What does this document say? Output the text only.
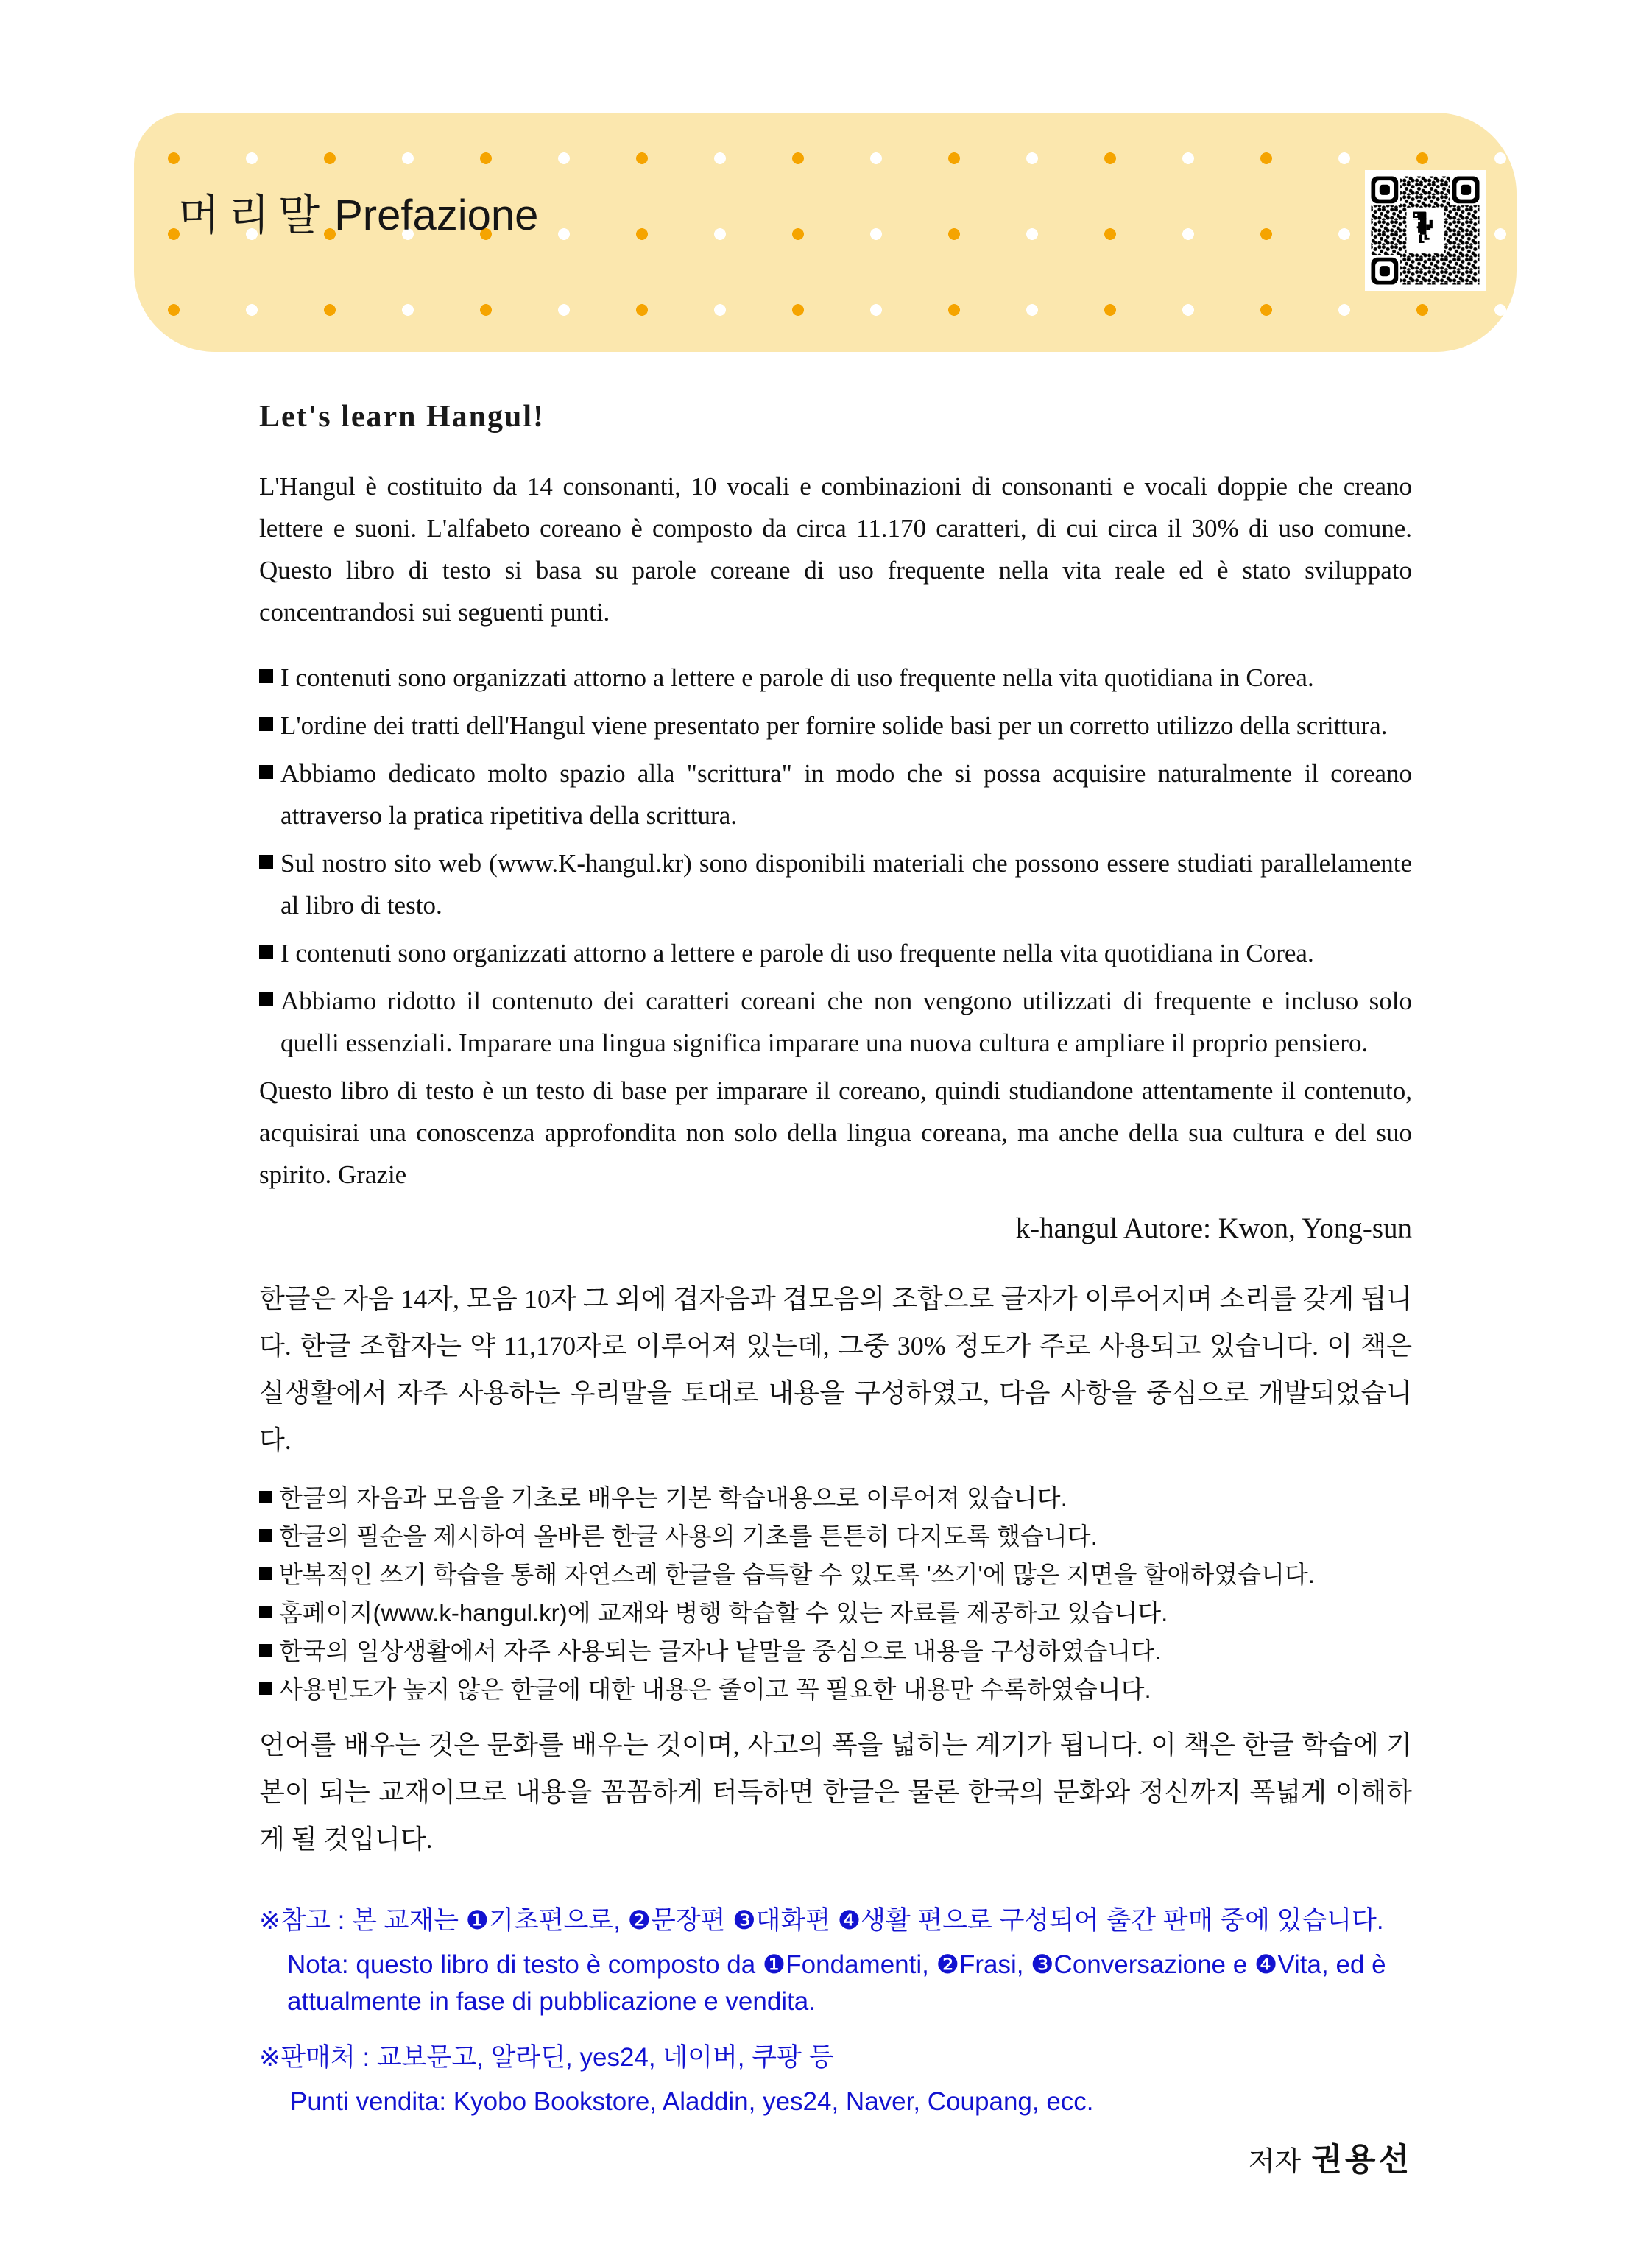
머리말 Prefazione
Let's learn Hangul!

L'Hangul è costituito da 14 consonanti, 10 vocali e combinazioni di consonanti e vocali doppie che creano lettere e suoni. L'alfabeto coreano è composto da circa 11.170 caratteri, di cui circa il 30% di uso comune. Questo libro di testo si basa su parole coreane di uso frequente nella vita reale ed è stato sviluppato concentrandosi sui seguenti punti.

I contenuti sono organizzati attorno a lettere e parole di uso frequente nella vita quotidiana in Corea.
L'ordine dei tratti dell'Hangul viene presentato per fornire solide basi per un corretto utilizzo della scrittura.
Abbiamo dedicato molto spazio alla "scrittura" in modo che si possa acquisire naturalmente il coreano attraverso la pratica ripetitiva della scrittura.
Sul nostro sito web (www.K-hangul.kr) sono disponibili materiali che possono essere studiati parallelamente al libro di testo.
I contenuti sono organizzati attorno a lettere e parole di uso frequente nella vita quotidiana in Corea.
Abbiamo ridotto il contenuto dei caratteri coreani che non vengono utilizzati di frequente e incluso solo quelli essenziali. Imparare una lingua significa imparare una nuova cultura e ampliare il proprio pensiero.

Questo libro di testo è un testo di base per imparare il coreano, quindi studiandone attentamente il contenuto, acquisirai una conoscenza approfondita non solo della lingua coreana, ma anche della sua cultura e del suo spirito. Grazie

k-hangul Autore: Kwon, Yong-sun

한글은 자음 14자, 모음 10자 그 외에 겹자음과 겹모음의 조합으로 글자가 이루어지며 소리를 갖게 됩니다. 한글 조합자는 약 11,170자로 이루어져 있는데, 그중 30% 정도가 주로 사용되고 있습니다. 이 책은 실생활에서 자주 사용하는 우리말을 토대로 내용을 구성하였고, 다음 사항을 중심으로 개발되었습니다.

한글의 자음과 모음을 기초로 배우는 기본 학습내용으로 이루어져 있습니다.
한글의 필순을 제시하여 올바른 한글 사용의 기초를 튼튼히 다지도록 했습니다.
반복적인 쓰기 학습을 통해 자연스레 한글을 습득할 수 있도록 '쓰기'에 많은 지면을 할애하였습니다.
홈페이지(www.k-hangul.kr)에 교재와 병행 학습할 수 있는 자료를 제공하고 있습니다.
한국의 일상생활에서 자주 사용되는 글자나 낱말을 중심으로 내용을 구성하였습니다.
사용빈도가 높지 않은 한글에 대한 내용은 줄이고 꼭 필요한 내용만 수록하였습니다.

언어를 배우는 것은 문화를 배우는 것이며, 사고의 폭을 넓히는 계기가 됩니다. 이 책은 한글 학습에 기본이 되는 교재이므로 내용을 꼼꼼하게 터득하면 한글은 물론 한국의 문화와 정신까지 폭넓게 이해하게 될 것입니다.

※참고 : 본 교재는 ❶기초편으로, ❷문장편 ❸대화편 ❹생활 편으로 구성되어 출간 판매 중에 있습니다.

Nota: questo libro di testo è composto da ❶Fondamenti, ❷Frasi, ❸Conversazione e ❹Vita, ed è attualmente in fase di pubblicazione e vendita.

※판매처 : 교보문고, 알라딘, yes24, 네이버, 쿠팡 등

Punti vendita: Kyobo Bookstore, Aladdin, yes24, Naver, Coupang, ecc.

저자 권용선
